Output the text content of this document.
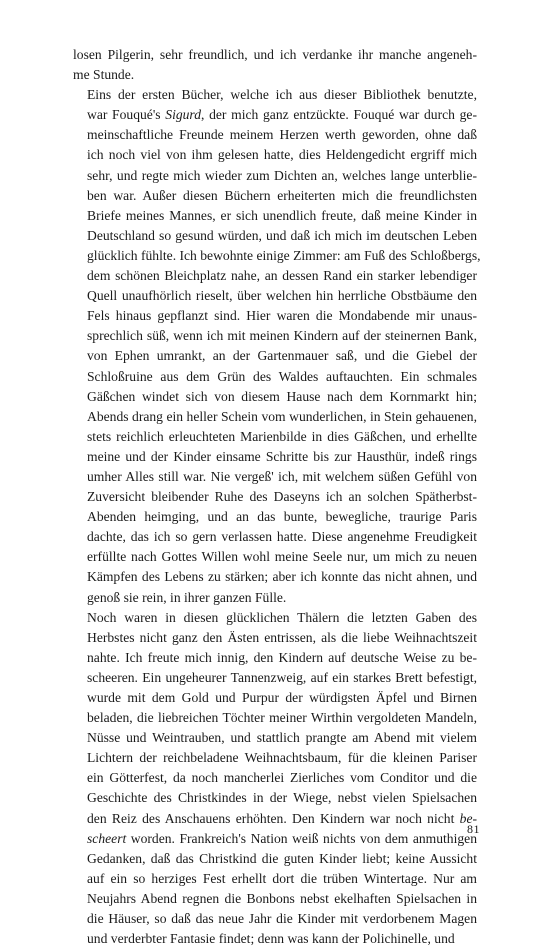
losen Pilgerin, sehr freundlich, und ich verdanke ihr manche angeneh-
me Stunde.

Eins der ersten Bücher, welche ich aus dieser Bibliothek benutzte,
war Fouqué's Sigurd, der mich ganz entzückte. Fouqué war durch ge-
meinschaftliche Freunde meinem Herzen werth geworden, ohne daß
ich noch viel von ihm gelesen hatte, dies Heldengedicht ergriff mich
sehr, und regte mich wieder zum Dichten an, welches lange unterblie-
ben war. Außer diesen Büchern erheiterten mich die freundlichsten
Briefe meines Mannes, er sich unendlich freute, daß meine Kinder in
Deutschland so gesund würden, und daß ich mich im deutschen Leben
glücklich fühlte. Ich bewohnte einige Zimmer: am Fuß des Schloßbergs,
dem schönen Bleichplatz nahe, an dessen Rand ein starker lebendiger
Quell unaufhörlich rieselt, über welchen hin herrliche Obstbäume den
Fels hinaus gepflanzt sind. Hier waren die Mondabende mir unaus-
sprechlich süß, wenn ich mit meinen Kindern auf der steinernen Bank,
von Ephen umrankt, an der Gartenmauer saß, und die Giebel der
Schloßruine aus dem Grün des Waldes auftauchten. Ein schmales
Gäßchen windet sich von diesem Hause nach dem Kornmarkt hin;
Abends drang ein heller Schein vom wunderlichen, in Stein gehauenen,
stets reichlich erleuchteten Marienbilde in dies Gäßchen, und erhellte
meine und der Kinder einsame Schritte bis zur Hausthür, indeß rings
umher Alles still war. Nie vergeß' ich, mit welchem süßen Gefühl von
Zuversicht bleibender Ruhe des Daseyns ich an solchen Spätherbst-
Abenden heimging, und an das bunte, bewegliche, traurige Paris
dachte, das ich so gern verlassen hatte. Diese angenehme Freudigkeit
erfüllte nach Gottes Willen wohl meine Seele nur, um mich zu neuen
Kämpfen des Lebens zu stärken; aber ich konnte das nicht ahnen, und
genoß sie rein, in ihrer ganzen Fülle.

Noch waren in diesen glücklichen Thälern die letzten Gaben des
Herbstes nicht ganz den Ästen entrissen, als die liebe Weihnachtszeit
nahte. Ich freute mich innig, den Kindern auf deutsche Weise zu be-
scheeren. Ein ungeheurer Tannenzweig, auf ein starkes Brett befestigt,
wurde mit dem Gold und Purpur der würdigsten Äpfel und Birnen
beladen, die liebreichen Töchter meiner Wirthin vergoldeten Mandeln,
Nüsse und Weintrauben, und stattlich prangte am Abend mit vielem
Lichtern der reichbeladene Weihnachtsbaum, für die kleinen Pariser
ein Götterfest, da noch mancherlei Zierliches vom Conditor und die
Geschichte des Christkindes in der Wiege, nebst vielen Spielsachen
den Reiz des Anschauens erhöhten. Den Kindern war noch nicht be-
scheert worden. Frankreich's Nation weiß nichts von dem anmuthigen
Gedanken, daß das Christkind die guten Kinder liebt; keine Aussicht
auf ein so herziges Fest erhellt dort die trüben Wintertage. Nur am
Neujahrs Abend regnen die Bonbons nebst ekelhaften Spielsachen in
die Häuser, so daß das neue Jahr die Kinder mit verdorbenem Magen
und verderbter Fantasie findet; denn was kann der Polichinelle, und

81
